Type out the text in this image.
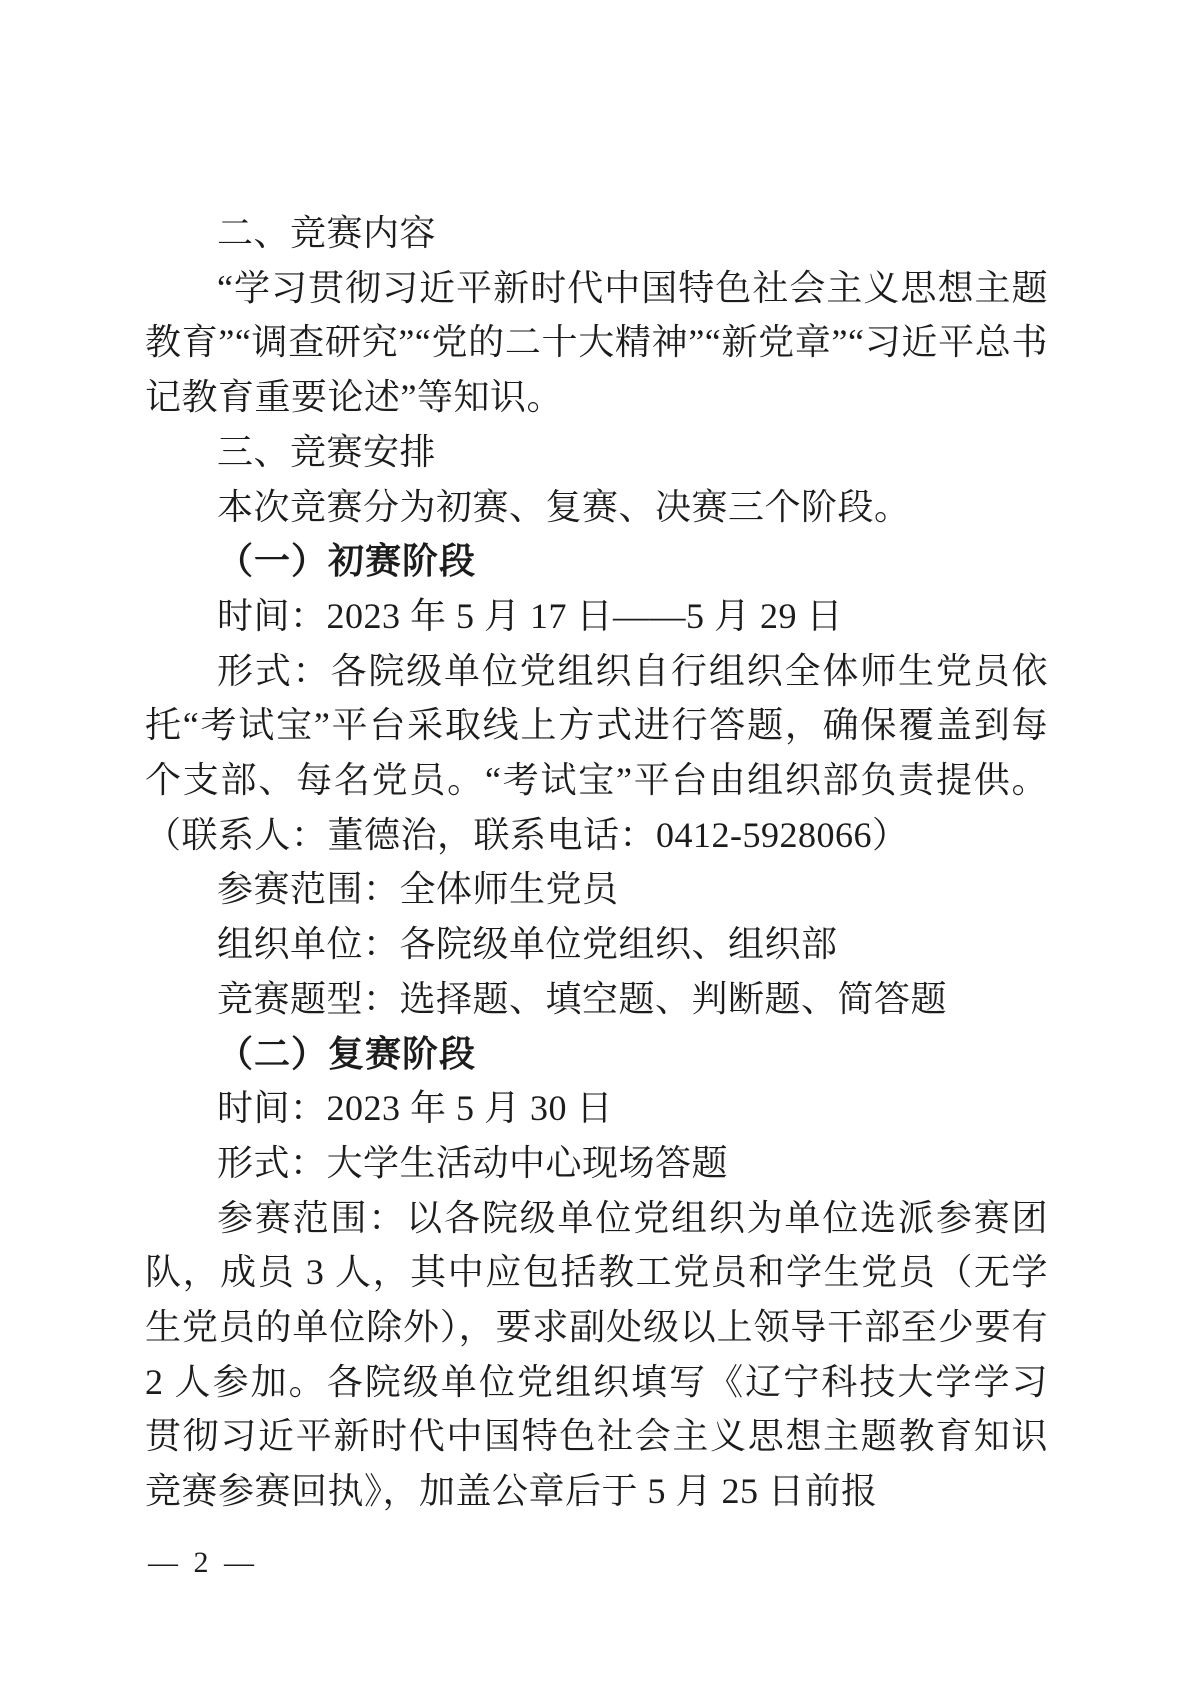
二、竞赛内容

“学习贯彻习近平新时代中国特色社会主义思想主题教育”“调查研究”“党的二十大精神”“新党章”“习近平总书记教育重要论述”等知识。

三、竞赛安排

本次竞赛分为初赛、复赛、决赛三个阶段。

（一）初赛阶段

时间：2023 年 5 月 17 日——5 月 29 日

形式：各院级单位党组织自行组织全体师生党员依托“考试宝”平台采取线上方式进行答题，确保覆盖到每个支部、每名党员。“考试宝”平台由组织部负责提供。（联系人：董德治，联系电话：0412-5928066）

参赛范围：全体师生党员

组织单位：各院级单位党组织、组织部

竞赛题型：选择题、填空题、判断题、简答题

（二）复赛阶段

时间：2023 年 5 月 30 日

形式：大学生活动中心现场答题

参赛范围：以各院级单位党组织为单位选派参赛团队，成员 3 人，其中应包括教工党员和学生党员（无学生党员的单位除外），要求副处级以上领导干部至少要有 2 人参加。各院级单位党组织填写《辽宁科技大学学习贯彻习近平新时代中国特色社会主义思想主题教育知识竞赛参赛回执》，加盖公章后于 5 月 25 日前报

— 2 —
